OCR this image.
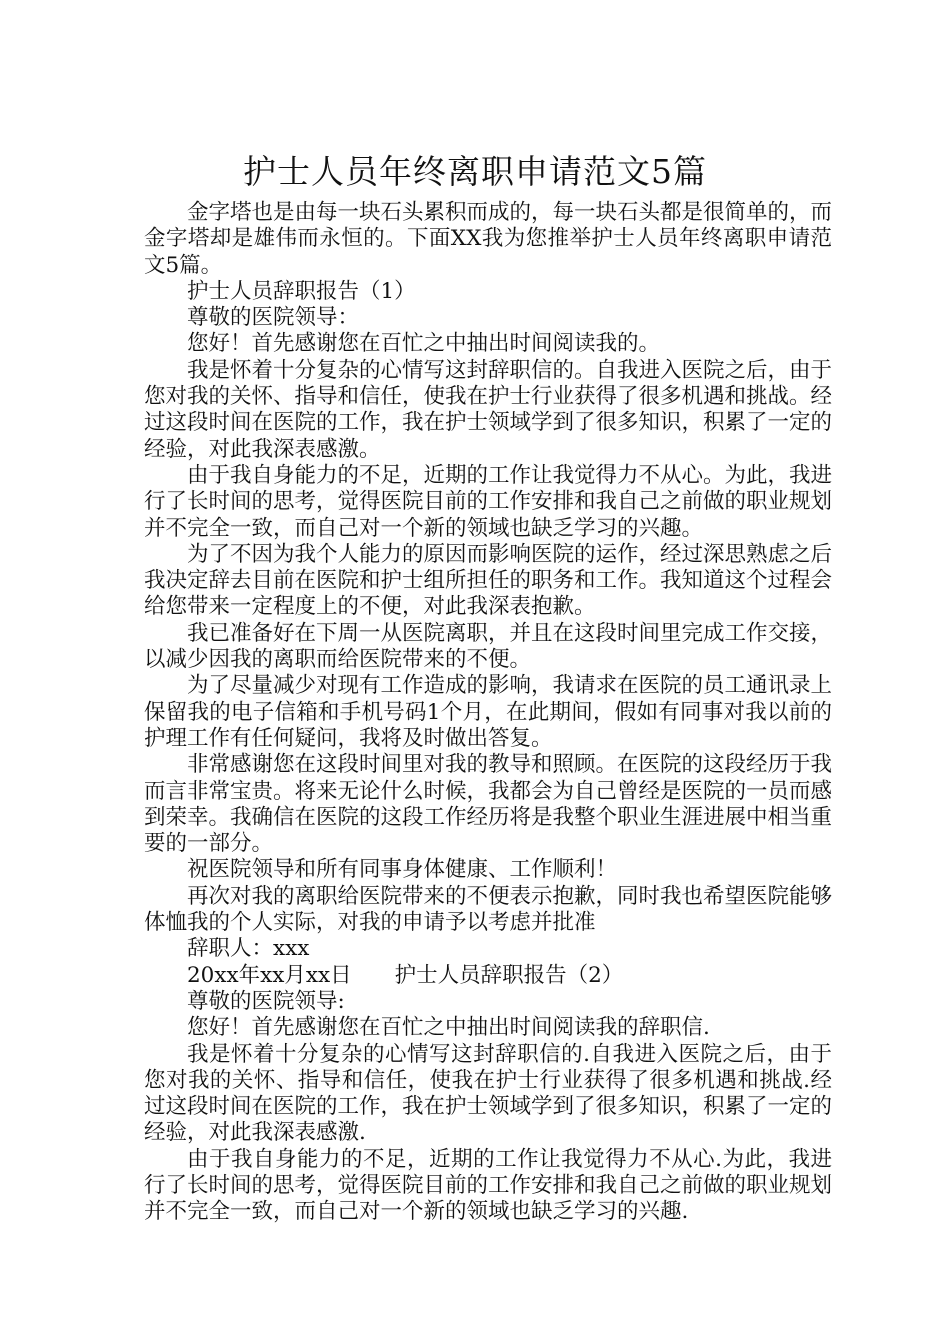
护士人员年终离职申请范文5篇

金字塔也是由每一块石头累积而成的，每一块石头都是很简单的，而金字塔却是雄伟而永恒的。下面XX我为您推举护士人员年终离职申请范文5篇。

护士人员辞职报告（1）

尊敬的医院领导：

您好！首先感谢您在百忙之中抽出时间阅读我的。

我是怀着十分复杂的心情写这封辞职信的。自我进入医院之后，由于您对我的关怀、指导和信任，使我在护士行业获得了很多机遇和挑战。经过这段时间在医院的工作，我在护士领域学到了很多知识，积累了一定的经验，对此我深表感激。

由于我自身能力的不足，近期的工作让我觉得力不从心。为此，我进行了长时间的思考，觉得医院目前的工作安排和我自己之前做的职业规划并不完全一致，而自己对一个新的领域也缺乏学习的兴趣。

为了不因为我个人能力的原因而影响医院的运作，经过深思熟虑之后我决定辞去目前在医院和护士组所担任的职务和工作。我知道这个过程会给您带来一定程度上的不便，对此我深表抱歉。

我已准备好在下周一从医院离职，并且在这段时间里完成工作交接，以减少因我的离职而给医院带来的不便。

为了尽量减少对现有工作造成的影响，我请求在医院的员工通讯录上保留我的电子信箱和手机号码1个月，在此期间，假如有同事对我以前的护理工作有任何疑问，我将及时做出答复。

非常感谢您在这段时间里对我的教导和照顾。在医院的这段经历于我而言非常宝贵。将来无论什么时候，我都会为自己曾经是医院的一员而感到荣幸。我确信在医院的这段工作经历将是我整个职业生涯进展中相当重要的一部分。

祝医院领导和所有同事身体健康、工作顺利！

再次对我的离职给医院带来的不便表示抱歉，同时我也希望医院能够体恤我的个人实际，对我的申请予以考虑并批准

辞职人：xxx

20xx年xx月xx日　　护士人员辞职报告（2）

尊敬的医院领导:

您好！首先感谢您在百忙之中抽出时间阅读我的辞职信.

我是怀着十分复杂的心情写这封辞职信的.自我进入医院之后，由于您对我的关怀、指导和信任，使我在护士行业获得了很多机遇和挑战.经过这段时间在医院的工作，我在护士领域学到了很多知识，积累了一定的经验，对此我深表感激.

由于我自身能力的不足，近期的工作让我觉得力不从心.为此，我进行了长时间的思考，觉得医院目前的工作安排和我自己之前做的职业规划并不完全一致，而自己对一个新的领域也缺乏学习的兴趣.
